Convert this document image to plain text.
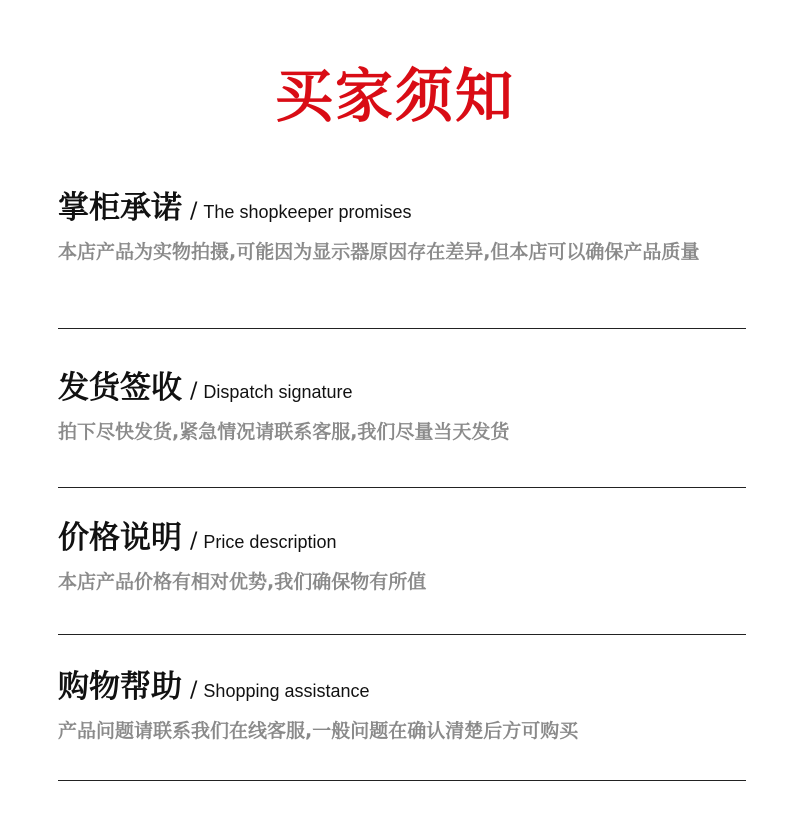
买家须知
掌柜承诺 / The shopkeeper promises
本店产品为实物拍摄,可能因为显示器原因存在差异,但本店可以确保产品质量
发货签收 / Dispatch signature
拍下尽快发货,紧急情况请联系客服,我们尽量当天发货
价格说明 / Price description
本店产品价格有相对优势,我们确保物有所值
购物帮助 / Shopping assistance
产品问题请联系我们在线客服,一般问题在确认清楚后方可购买
